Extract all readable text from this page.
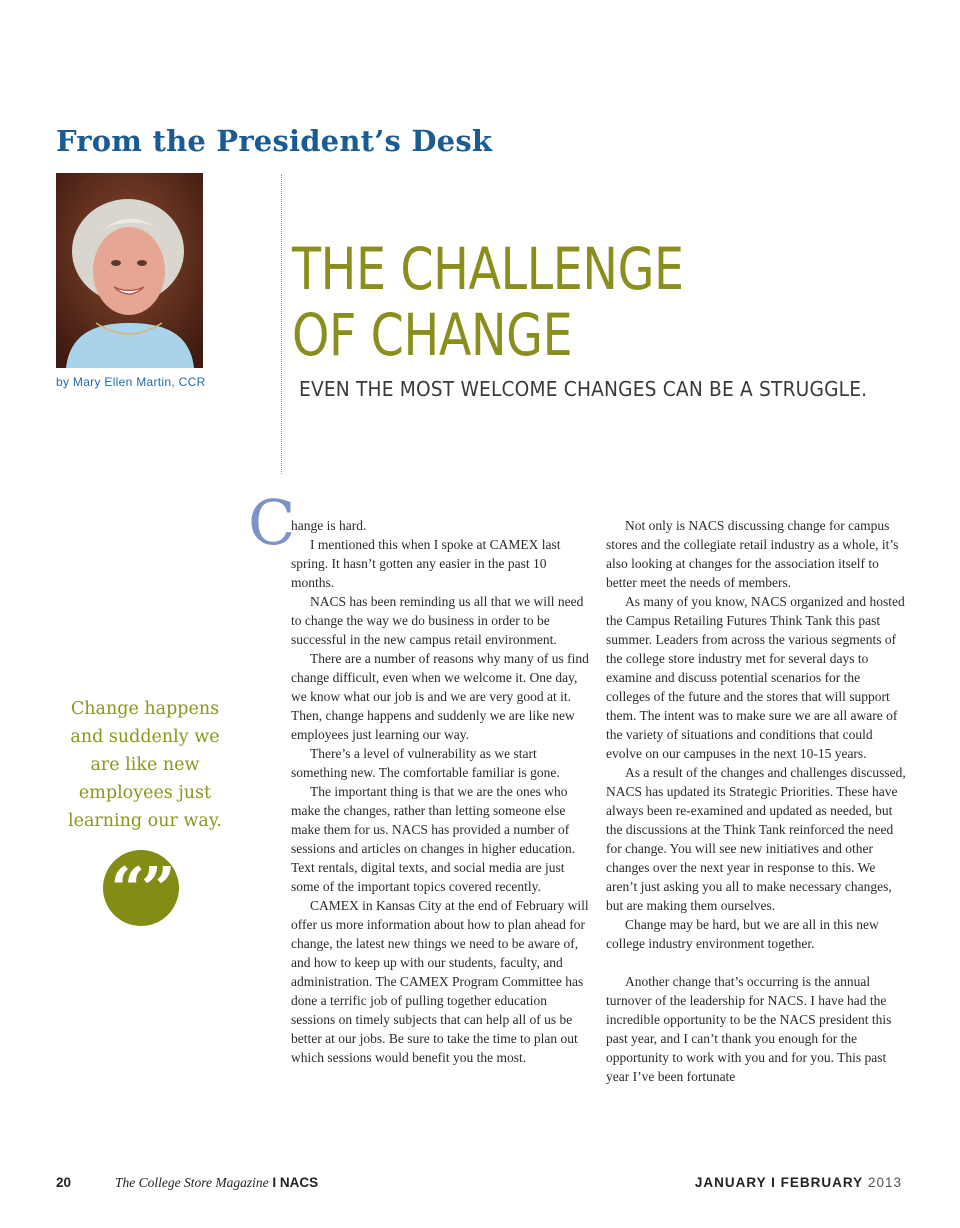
From the President’s Desk
by Mary Ellen Martin, CCR
THE CHALLENGE
OF CHANGE
EVEN THE MOST WELCOME CHANGES CAN BE A STRUGGLE.

Change happens and suddenly we are like new employees just learning our way.

“”
C

hange is hard.

I mentioned this when I spoke at CAMEX last spring. It hasn’t gotten any easier in the past 10 months.

NACS has been reminding us all that we will need to change the way we do business in order to be successful in the new campus retail environment.

There are a number of reasons why many of us find change difficult, even when we welcome it. One day, we know what our job is and we are very good at it. Then, change happens and suddenly we are like new employees just learning our way.

There’s a level of vulnerability as we start something new. The comfortable familiar is gone.

The important thing is that we are the ones who make the changes, rather than letting someone else make them for us. NACS has provided a number of sessions and articles on changes in higher education. Text rentals, digital texts, and social media are just some of the important topics covered recently.

CAMEX in Kansas City at the end of February will offer us more information about how to plan ahead for change, the latest new things we need to be aware of, and how to keep up with our students, faculty, and administration. The CAMEX Program Committee has done a terrific job of pulling together education sessions on timely subjects that can help all of us be better at our jobs. Be sure to take the time to plan out which sessions would benefit you the most.

Not only is NACS discussing change for campus stores and the collegiate retail industry as a whole, it’s also looking at changes for the association itself to better meet the needs of members.

As many of you know, NACS organized and hosted the Campus Retailing Futures Think Tank this past summer. Leaders from across the various segments of the college store industry met for several days to examine and discuss potential scenarios for the colleges of the future and the stores that will support them. The intent was to make sure we are all aware of the variety of situations and conditions that could evolve on our campuses in the next 10-15 years.

As a result of the changes and challenges discussed, NACS has updated its Strategic Priorities. These have always been re-examined and updated as needed, but the discussions at the Think Tank reinforced the need for change. You will see new initiatives and other changes over the next year in response to this. We aren’t just asking you all to make necessary changes, but are making them ourselves.

Change may be hard, but we are all in this new college industry environment together.

Another change that’s occurring is the annual turnover of the leadership for NACS. I have had the incredible opportunity to be the NACS president this past year, and I can’t thank you enough for the opportunity to work with you and for you. This past year I’ve been fortunate

20	The College Store Magazine I NACS	JANUARY I FEBRUARY 2013
